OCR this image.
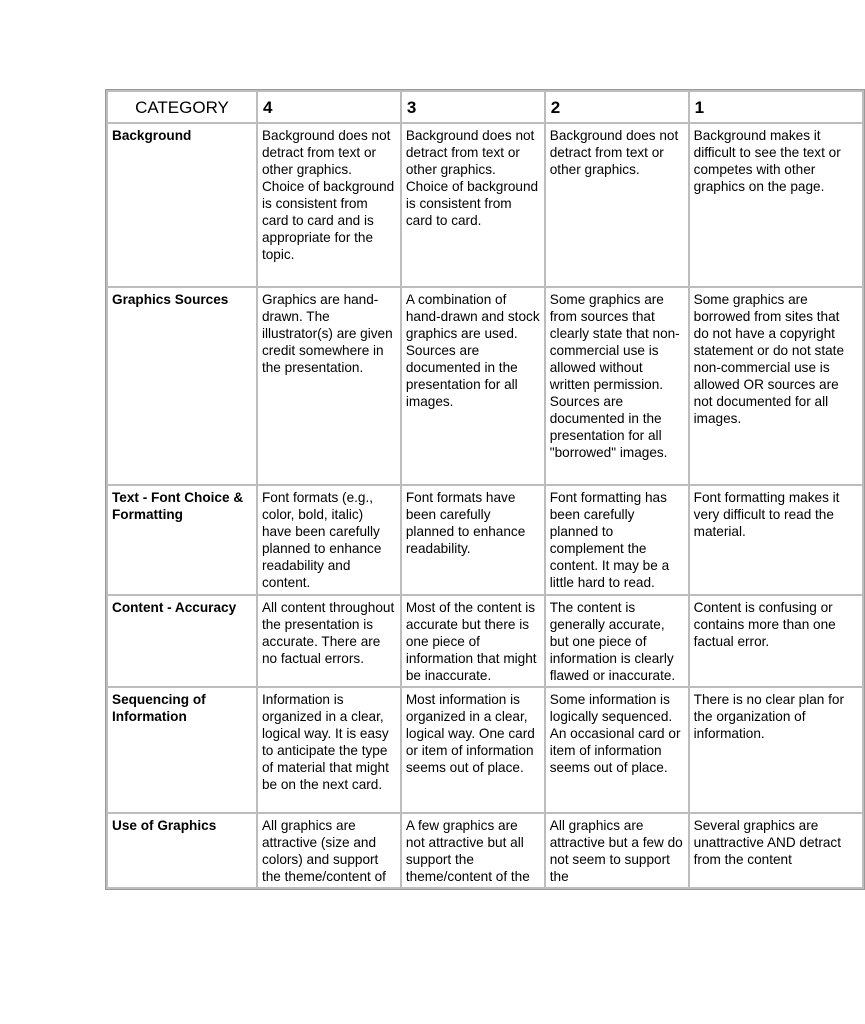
CATEGORY	4	3	2	1
Background	Background does not detract from text or other graphics. Choice of background is consistent from card to card and is appropriate for the topic.	Background does not detract from text or other graphics. Choice of background is consistent from card to card.	Background does not detract from text or other graphics.	Background makes it difficult to see the text or competes with other graphics on the page.
Graphics Sources	Graphics are hand-drawn. The illustrator(s) are given credit somewhere in the presentation.	A combination of hand-drawn and stock graphics are used. Sources are documented in the presentation for all images.	Some graphics are from sources that clearly state that non-commercial use is allowed without written permission. Sources are documented in the presentation for all "borrowed" images.	Some graphics are borrowed from sites that do not have a copyright statement or do not state non-commercial use is allowed OR sources are not documented for all images.
Text - Font Choice & Formatting	Font formats (e.g., color, bold, italic) have been carefully planned to enhance readability and content.	Font formats have been carefully planned to enhance readability.	Font formatting has been carefully planned to complement the content. It may be a little hard to read.	Font formatting makes it very difficult to read the material.
Content - Accuracy	All content throughout the presentation is accurate. There are no factual errors.	Most of the content is accurate but there is one piece of information that might be inaccurate.	The content is generally accurate, but one piece of information is clearly flawed or inaccurate.	Content is confusing or contains more than one factual error.
Sequencing of Information	Information is organized in a clear, logical way. It is easy to anticipate the type of material that might be on the next card.	Most information is organized in a clear, logical way. One card or item of information seems out of place.	Some information is logically sequenced. An occasional card or item of information seems out of place.	There is no clear plan for the organization of information.
Use of Graphics	All graphics are attractive (size and colors) and support the theme/content of	A few graphics are not attractive but all support the theme/content of the	All graphics are attractive but a few do not seem to support the	Several graphics are unattractive AND detract from the content
